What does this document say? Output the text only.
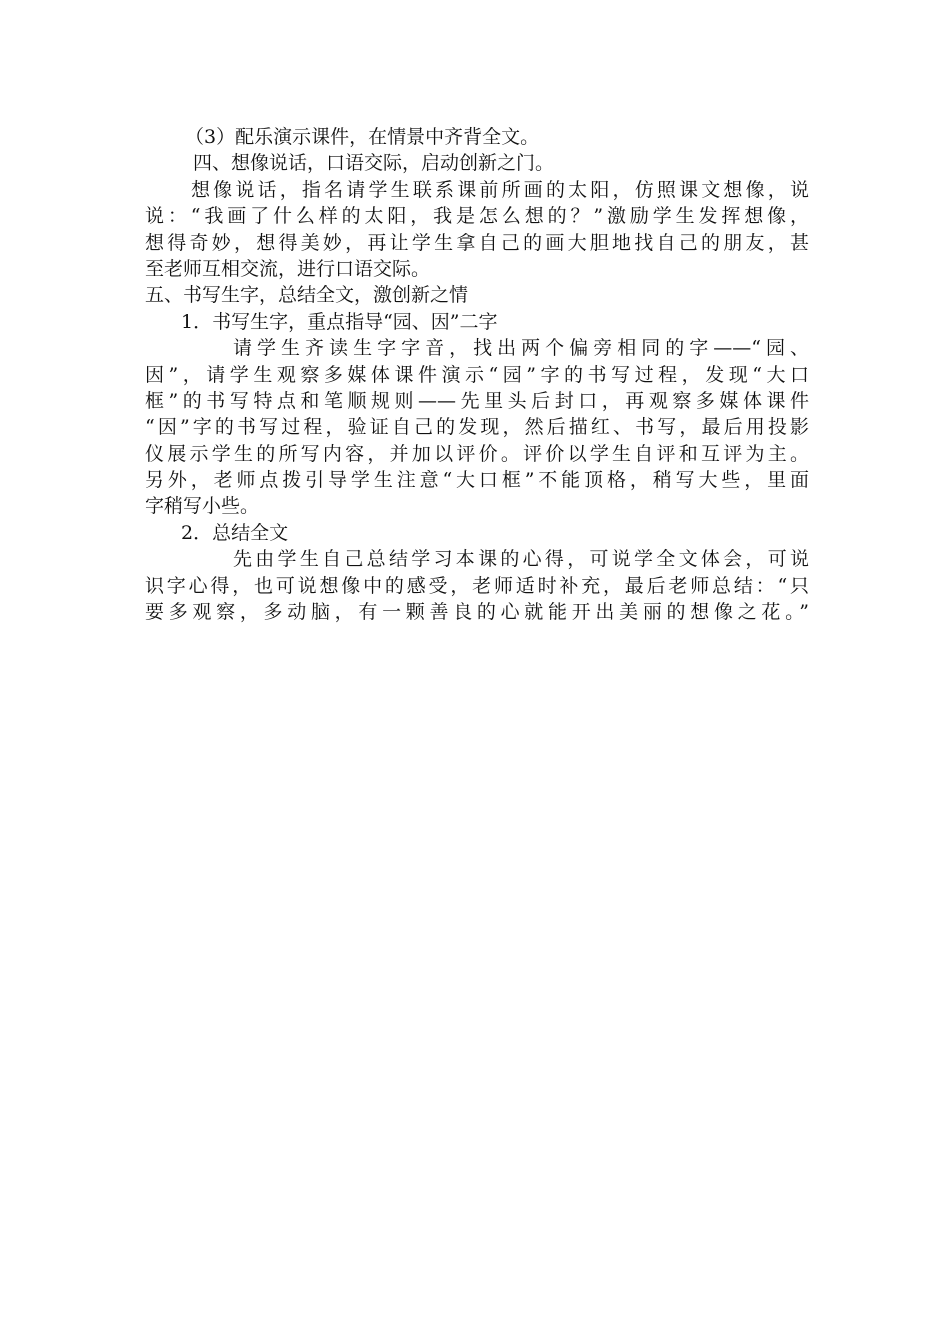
（3）配乐演示课件，在情景中齐背全文。
四、想像说话，口语交际，启动创新之门。
想像说话，指名请学生联系课前所画的太阳，仿照课文想像，说
说：“我画了什么样的太阳，我是怎么想的？”激励学生发挥想像，
想得奇妙，想得美妙，再让学生拿自己的画大胆地找自己的朋友，甚
至老师互相交流，进行口语交际。
五、书写生字，总结全文，激创新之情
1．书写生字，重点指导“园、因”二字
请学生齐读生字字音，找出两个偏旁相同的字——“园、
因”，请学生观察多媒体课件演示“园”字的书写过程，发现“大口
框”的书写特点和笔顺规则——先里头后封口，再观察多媒体课件
“因”字的书写过程，验证自己的发现，然后描红、书写，最后用投影
仪展示学生的所写内容，并加以评价。评价以学生自评和互评为主。
另外，老师点拨引导学生注意“大口框”不能顶格，稍写大些，里面
字稍写小些。
2．总结全文
先由学生自己总结学习本课的心得，可说学全文体会，可说
识字心得，也可说想像中的感受，老师适时补充，最后老师总结：“只
要多观察，多动脑，有一颗善良的心就能开出美丽的想像之花。”
